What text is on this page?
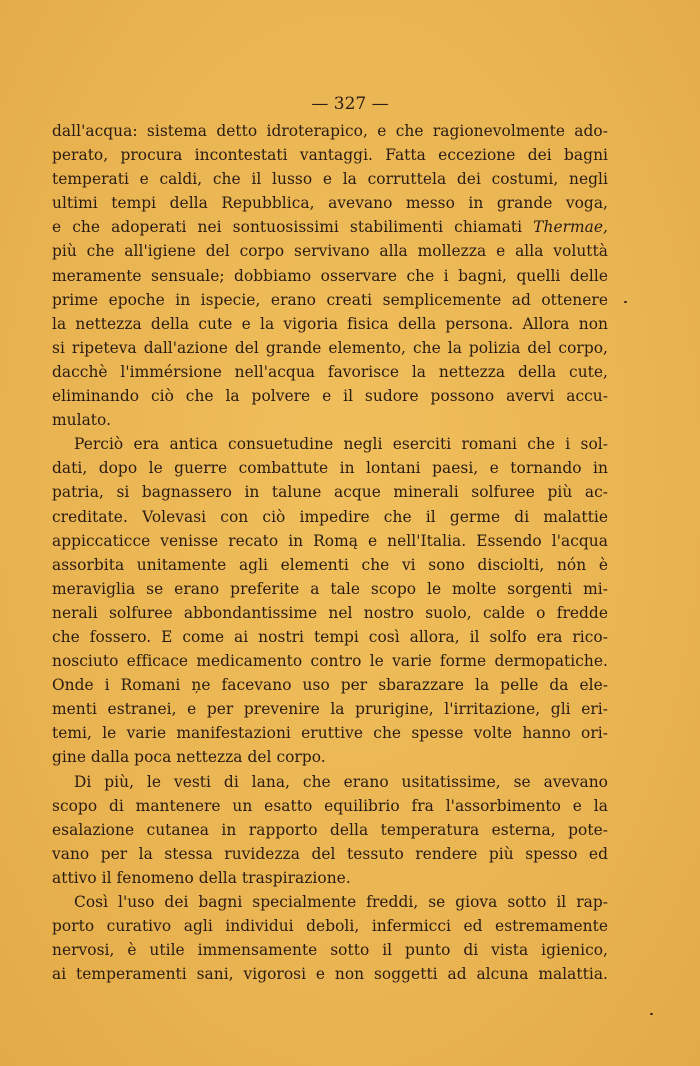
— 327 —
dall'acqua: sistema detto idroterapico, e che ragionevolmente ado-
perato, procura incontestati vantaggi. Fatta eccezione dei bagni
temperati e caldi, che il lusso e la corruttela dei costumi, negli
ultimi tempi della Repubblica, avevano messo in grande voga,
e che adoperati nei sontuosissimi stabilimenti chiamati Thermae,
più che all'igiene del corpo servivano alla mollezza e alla voluttà
meramente sensuale; dobbiamo osservare che i bagni, quelli delle
prime epoche in ispecie, erano creati semplicemente ad ottenere
la nettezza della cute e la vigoria fisica della persona. Allora non
si ripeteva dall'azione del grande elemento, che la polizia del corpo,
dacchè l'immérsione nell'acqua favorisce la nettezza della cute,
eliminando ciò che la polvere e il sudore possono avervi accu-
mulato.
Perciò era antica consuetudine negli eserciti romani che i sol-
dati, dopo le guerre combattute in lontani paesi, e tornando in
patria, si bagnassero in talune acque minerali solfuree più ac-
creditate. Volevasi con ciò impedire che il germe di malattie
appiccaticce venisse recato in Romą e nell'Italia. Essendo l'acqua
assorbita unitamente agli elementi che vi sono disciolti, nón è
meraviglia se erano preferite a tale scopo le molte sorgenti mi-
nerali solfuree abbondantissime nel nostro suolo, calde o fredde
che fossero. E come ai nostri tempi così allora, il solfo era rico-
nosciuto efficace medicamento contro le varie forme dermopatiche.
Onde i Romani ņe facevano uso per sbarazzare la pelle da ele-
menti estranei, e per prevenire la prurigine, l'irritazione, gli eri-
temi, le varie manifestazioni eruttive che spesse volte hanno ori-
gine dalla poca nettezza del corpo.
Di più, le vesti di lana, che erano usitatissime, se avevano
scopo di mantenere un esatto equilibrio fra l'assorbimento e la
esalazione cutanea in rapporto della temperatura esterna, pote-
vano per la stessa ruvidezza del tessuto rendere più spesso ed
attivo il fenomeno della traspirazione.
Così l'uso dei bagni specialmente freddi, se giova sotto il rap-
porto curativo agli individui deboli, infermicci ed estremamente
nervosi, è utile immensamente sotto il punto di vista igienico,
ai temperamenti sani, vigorosi e non soggetti ad alcuna malattia.
